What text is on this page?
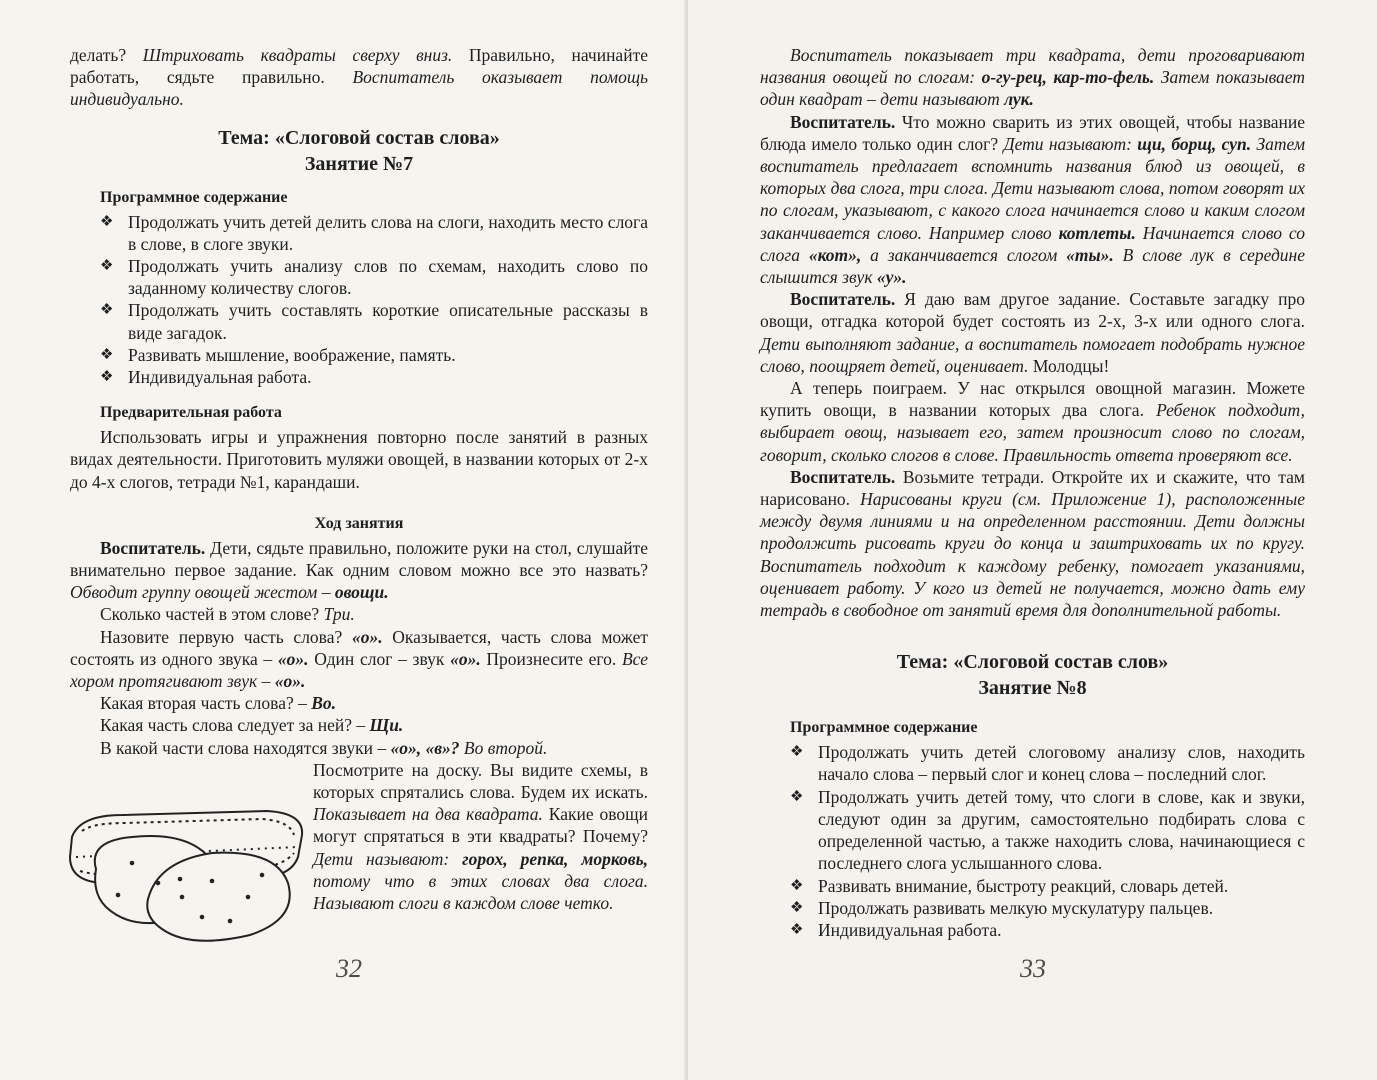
делать? Штриховать квадраты сверху вниз. Правильно, начинайте работать, сядьте правильно. Воспитатель оказывает помощь индивидуально.

Тема: «Слоговой состав слова»
Занятие №7
Программное содержание
❖ Продолжать учить детей делить слова на слоги, находить место слога в слове, в слоге звуки.
❖ Продолжать учить анализу слов по схемам, находить слово по заданному количеству слогов.
❖ Продолжать учить составлять короткие описательные рассказы в виде загадок.
❖ Развивать мышление, воображение, память.
❖ Индивидуальная работа.
Предварительная работа

Использовать игры и упражнения повторно после занятий в разных видах деятельности. Приготовить муляжи овощей, в названии которых от 2-х до 4-х слогов, тетради №1, карандаши.

Ход занятия

Воспитатель. Дети, сядьте правильно, положите руки на стол, слушайте внимательно первое задание. Как одним словом можно все это назвать? Обводит группу овощей жестом – овощи.

Сколько частей в этом слове? Три.

Назовите первую часть слова? «о». Оказывается, часть слова может состоять из одного звука – «о». Один слог – звук «о». Произнесите его. Все хором протягивают звук – «о».

Какая вторая часть слова? – Во.

Какая часть слова следует за ней? – Щи.

В какой части слова находятся звуки – «о», «в»? Во второй.

Посмотрите на доску. Вы видите схемы, в которых спрятались слова. Будем их искать. Показывает на два квадрата. Какие овощи могут спрятаться в эти квадраты? Почему? Дети называют: горох, репка, морковь, потому что в этих словах два слога. Называют слоги в каждом слове четко.

32

Воспитатель показывает три квадрата, дети проговаривают названия овощей по слогам: о-гу-рец, кар-то-фель. Затем показывает один квадрат – дети называют лук.

Воспитатель. Что можно сварить из этих овощей, чтобы название блюда имело только один слог? Дети называют: щи, борщ, суп. Затем воспитатель предлагает вспомнить названия блюд из овощей, в которых два слога, три слога. Дети называют слова, потом говорят их по слогам, указывают, с какого слога начинается слово и каким слогом заканчивается слово. Например слово котлеты. Начинается слово со слога «кот», а заканчивается слогом «ты». В слове лук в середине слышится звук «у».

Воспитатель. Я даю вам другое задание. Составьте загадку про овощи, отгадка которой будет состоять из 2-х, 3-х или одного слога. Дети выполняют задание, а воспитатель помогает подобрать нужное слово, поощряет детей, оценивает. Молодцы!

А теперь поиграем. У нас открылся овощной магазин. Можете купить овощи, в названии которых два слога. Ребенок подходит, выбирает овощ, называет его, затем произносит слово по слогам, говорит, сколько слогов в слове. Правильность ответа проверяют все.

Воспитатель. Возьмите тетради. Откройте их и скажите, что там нарисовано. Нарисованы круги (см. Приложение 1), расположенные между двумя линиями и на определенном расстоянии. Дети должны продолжить рисовать круги до конца и заштриховать их по кругу. Воспитатель подходит к каждому ребенку, помогает указаниями, оценивает работу. У кого из детей не получается, можно дать ему тетрадь в свободное от занятий время для дополнительной работы.

Тема: «Слоговой состав слов»
Занятие №8
Программное содержание
❖ Продолжать учить детей слоговому анализу слов, находить начало слова – первый слог и конец слова – последний слог.
❖ Продолжать учить детей тому, что слоги в слове, как и звуки, следуют один за другим, самостоятельно подбирать слова с определенной частью, а также находить слова, начинающиеся с последнего слога услышанного слова.
❖ Развивать внимание, быстроту реакций, словарь детей.
❖ Продолжать развивать мелкую мускулатуру пальцев.
❖ Индивидуальная работа.
33
